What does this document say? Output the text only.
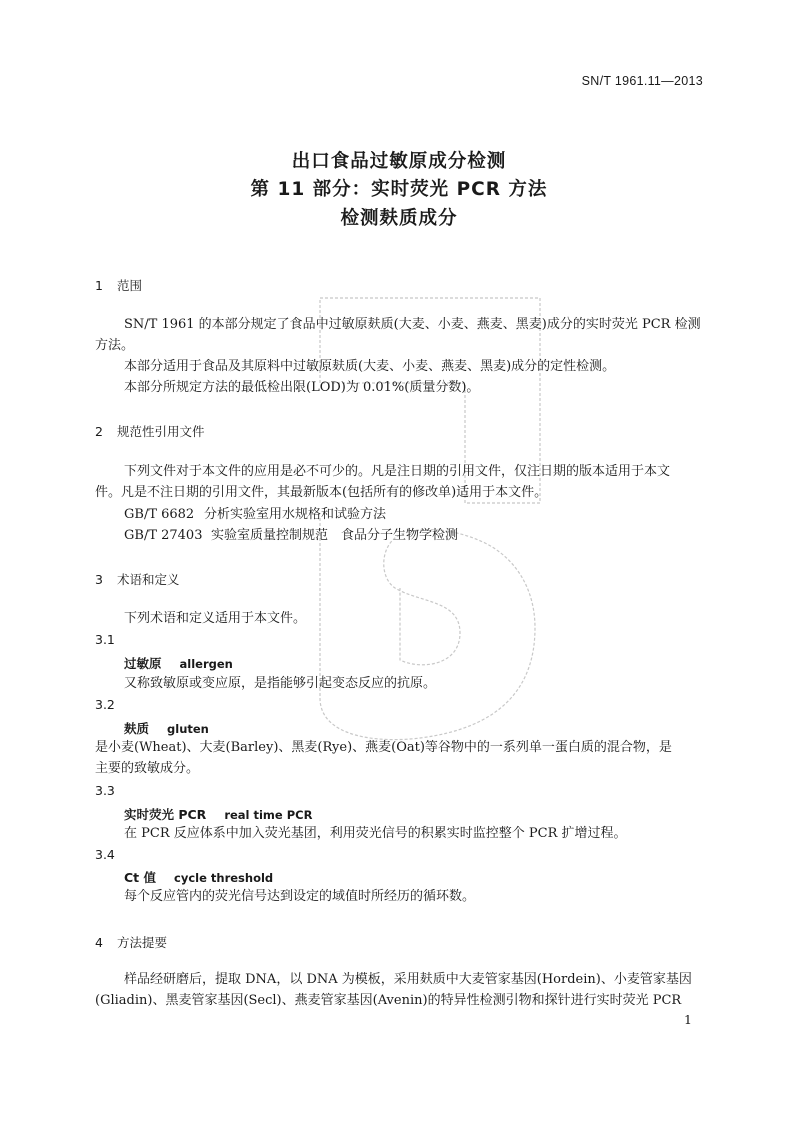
SN/T 1961.11—2013
出口食品过敏原成分检测
第 11 部分：实时荧光 PCR 方法
检测麸质成分
1 范围
SN/T 1961 的本部分规定了食品中过敏原麸质(大麦、小麦、燕麦、黑麦)成分的实时荧光 PCR 检测
方法。
本部分适用于食品及其原料中过敏原麸质(大麦、小麦、燕麦、黑麦)成分的定性检测。
本部分所规定方法的最低检出限(LOD)为 0.01%(质量分数)。
2 规范性引用文件
下列文件对于本文件的应用是必不可少的。凡是注日期的引用文件，仅注日期的版本适用于本文
件。凡是不注日期的引用文件，其最新版本(包括所有的修改单)适用于本文件。
GB/T 6682 分析实验室用水规格和试验方法
GB/T 27403 实验室质量控制规范　食品分子生物学检测
3 术语和定义
下列术语和定义适用于本文件。
3.1
过敏原 allergen
又称致敏原或变应原，是指能够引起变态反应的抗原。
3.2
麸质 gluten
是小麦(Wheat)、大麦(Barley)、黑麦(Rye)、燕麦(Oat)等谷物中的一系列单一蛋白质的混合物，是
主要的致敏成分。
3.3
实时荧光 PCR real time PCR
在 PCR 反应体系中加入荧光基团，利用荧光信号的积累实时监控整个 PCR 扩增过程。
3.4
Ct 值 cycle threshold
每个反应管内的荧光信号达到设定的域值时所经历的循环数。
4 方法提要
样品经研磨后，提取 DNA，以 DNA 为模板，采用麸质中大麦管家基因(Hordein)、小麦管家基因
(Gliadin)、黑麦管家基因(Secl)、燕麦管家基因(Avenin)的特异性检测引物和探针进行实时荧光 PCR
1
